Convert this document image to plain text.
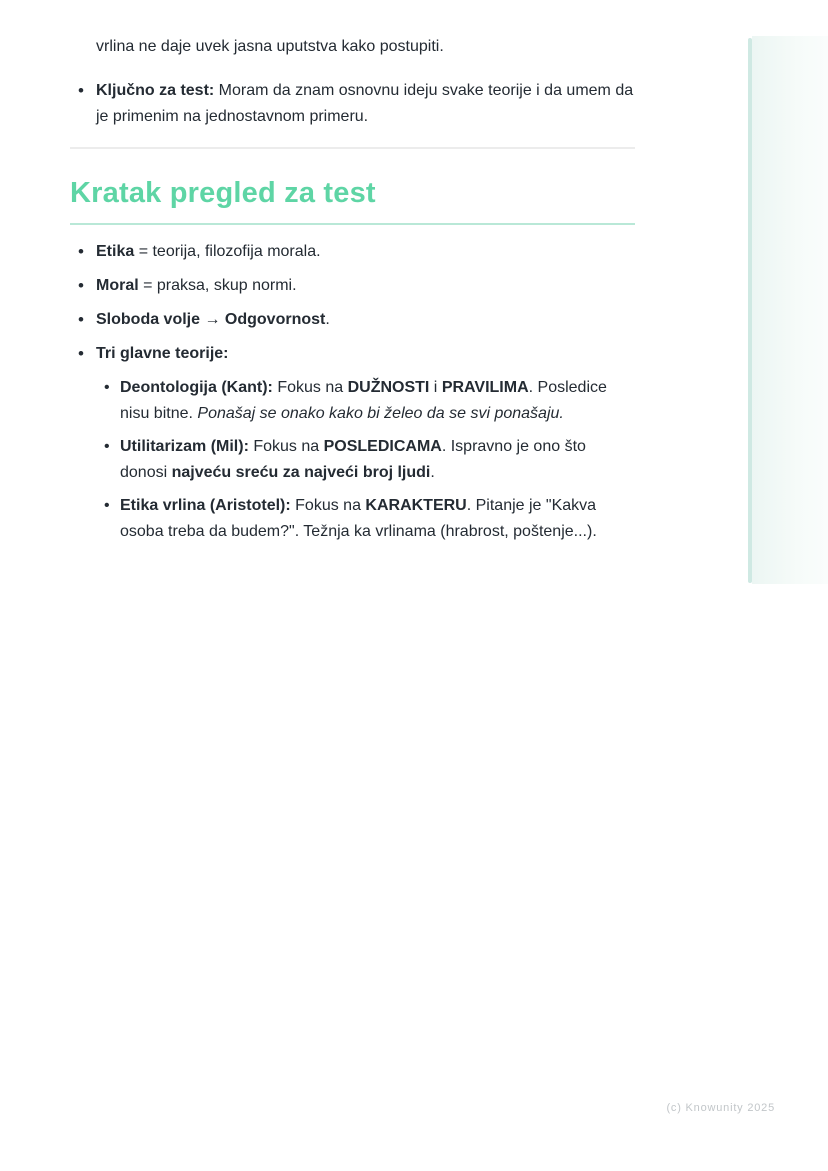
vrlina ne daje uvek jasna uputstva kako postupiti.

• Ključno za test: Moram da znam osnovnu ideju svake teorije i da umem da je primenim na jednostavnom primeru.
Kratak pregled za test
• Etika = teorija, filozofija morala.
• Moral = praksa, skup normi.
• Sloboda volje → Odgovornost.
• Tri glavne teorije:
• Deontologija (Kant): Fokus na DUŽNOSTI i PRAVILIMA. Posledice nisu bitne. Ponašaj se onako kako bi želeo da se svi ponašaju.
• Utilitarizam (Mil): Fokus na POSLEDICAMA. Ispravno je ono što donosi najveću sreću za najveći broj ljudi.
• Etika vrlina (Aristotel): Fokus na KARAKTERU. Pitanje je "Kakva osoba treba da budem?". Težnja ka vrlinama (hrabrost, poštenje...).
(c) Knowunity 2025
